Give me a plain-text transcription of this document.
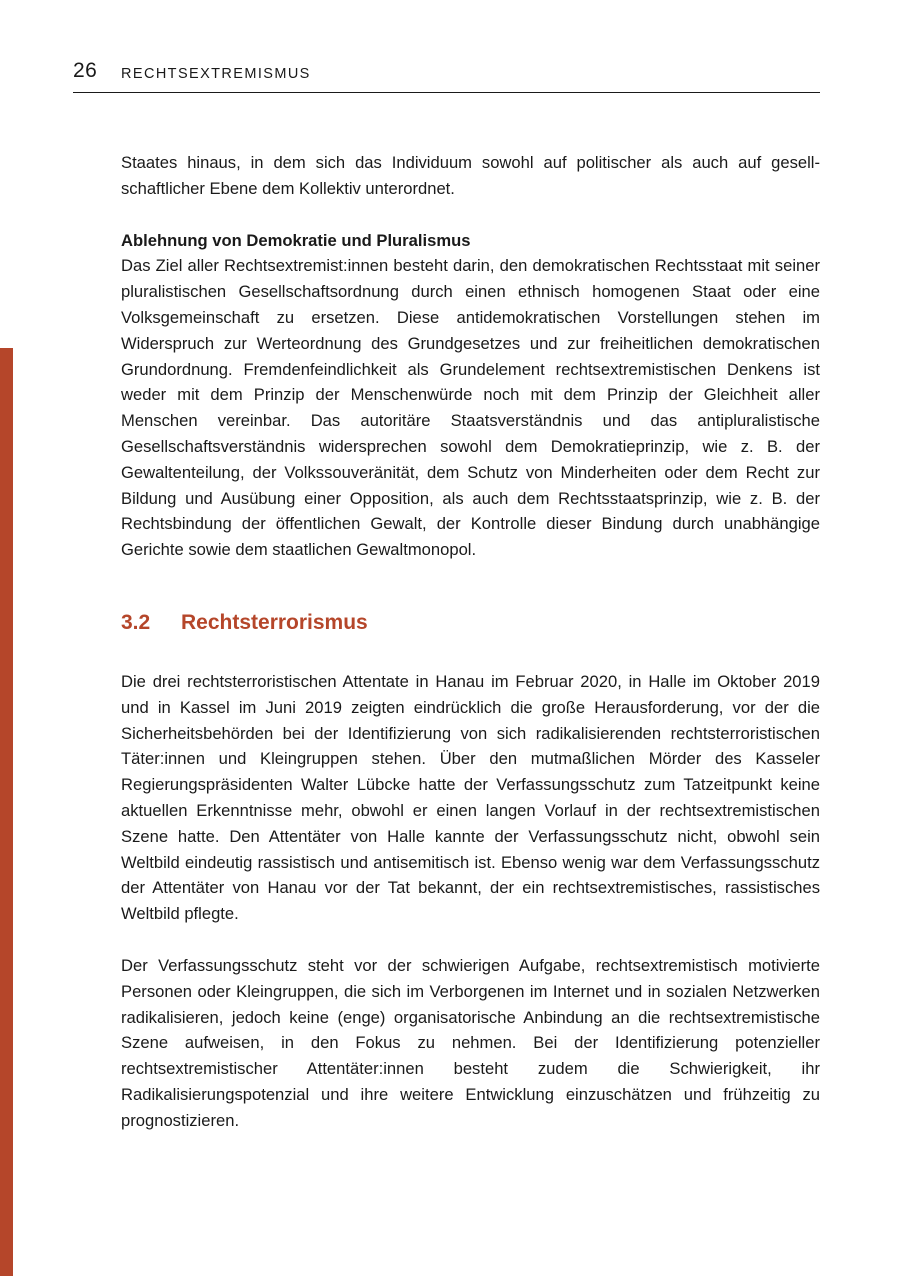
26 RECHTSEXTREMISMUS

Staates hinaus, in dem sich das Individuum sowohl auf politischer als auch auf gesellschaftlicher Ebene dem Kollektiv unterordnet.

Ablehnung von Demokratie und Pluralismus

Das Ziel aller Rechtsextremist:innen besteht darin, den demokratischen Rechtsstaat mit seiner pluralistischen Gesellschaftsordnung durch einen ethnisch homogenen Staat oder eine Volksgemeinschaft zu ersetzen. Diese antidemokratischen Vorstellungen stehen im Widerspruch zur Werteordnung des Grundgesetzes und zur freiheitlichen demokratischen Grundordnung. Fremdenfeindlichkeit als Grundelement rechtsextremistischen Denkens ist weder mit dem Prinzip der Menschenwürde noch mit dem Prinzip der Gleichheit aller Menschen vereinbar. Das autoritäre Staatsverständnis und das antipluralistische Gesellschaftsverständnis widersprechen sowohl dem Demokratieprinzip, wie z. B. der Gewaltenteilung, der Volkssouveränität, dem Schutz von Minderheiten oder dem Recht zur Bildung und Ausübung einer Opposition, als auch dem Rechtsstaatsprinzip, wie z. B. der Rechtsbindung der öffentlichen Gewalt, der Kontrolle dieser Bindung durch unabhängige Gerichte sowie dem staatlichen Gewaltmonopol.

3.2 Rechtsterrorismus

Die drei rechtsterroristischen Attentate in Hanau im Februar 2020, in Halle im Oktober 2019 und in Kassel im Juni 2019 zeigten eindrücklich die große Herausforderung, vor der die Sicherheitsbehörden bei der Identifizierung von sich radikalisierenden rechtsterroristischen Täter:innen und Kleingruppen stehen. Über den mutmaßlichen Mörder des Kasseler Regierungspräsidenten Walter Lübcke hatte der Verfassungsschutz zum Tatzeitpunkt keine aktuellen Erkenntnisse mehr, obwohl er einen langen Vorlauf in der rechtsextremistischen Szene hatte. Den Attentäter von Halle kannte der Verfassungsschutz nicht, obwohl sein Weltbild eindeutig rassistisch und antisemitisch ist. Ebenso wenig war dem Verfassungsschutz der Attentäter von Hanau vor der Tat bekannt, der ein rechtsextremistisches, rassistisches Weltbild pflegte.

Der Verfassungsschutz steht vor der schwierigen Aufgabe, rechtsextremistisch motivierte Personen oder Kleingruppen, die sich im Verborgenen im Internet und in sozialen Netzwerken radikalisieren, jedoch keine (enge) organisatorische Anbindung an die rechtsextremistische Szene aufweisen, in den Fokus zu nehmen. Bei der Identifizierung potenzieller rechtsextremistischer Attentäter:innen besteht zudem die Schwierigkeit, ihr Radikalisierungspotenzial und ihre weitere Entwicklung einzuschätzen und frühzeitig zu prognostizieren.
